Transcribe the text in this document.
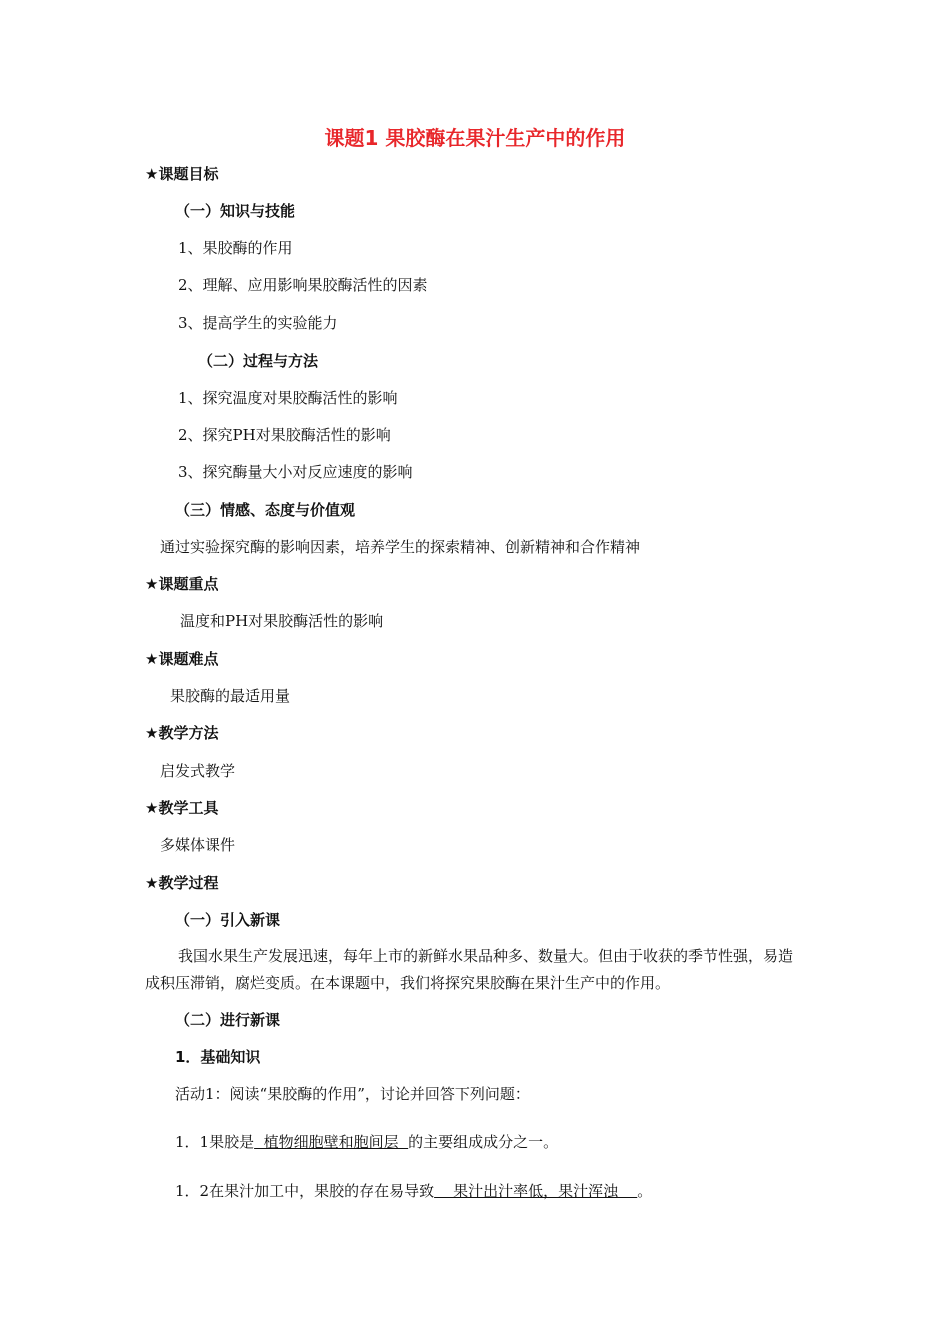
课题1 果胶酶在果汁生产中的作用
★课题目标
（一）知识与技能
1、果胶酶的作用
2、理解、应用影响果胶酶活性的因素
3、提高学生的实验能力
（二）过程与方法
1、探究温度对果胶酶活性的影响
2、探究PH对果胶酶活性的影响
3、探究酶量大小对反应速度的影响
（三）情感、态度与价值观
通过实验探究酶的影响因素，培养学生的探索精神、创新精神和合作精神
★课题重点
温度和PH对果胶酶活性的影响
★课题难点
果胶酶的最适用量
★教学方法
启发式教学
★教学工具
多媒体课件
★教学过程
（一）引入新课
我国水果生产发展迅速，每年上市的新鲜水果品种多、数量大。但由于收获的季节性强，易造成积压滞销，腐烂变质。在本课题中，我们将探究果胶酶在果汁生产中的作用。
（二）进行新课
1．基础知识
活动1：阅读“果胶酶的作用”，讨论并回答下列问题：
1．1果胶是  植物细胞壁和胞间层  的主要组成成分之一。
1．2在果汁加工中，果胶的存在易导致    果汁出汁率低，果汁浑浊    。
